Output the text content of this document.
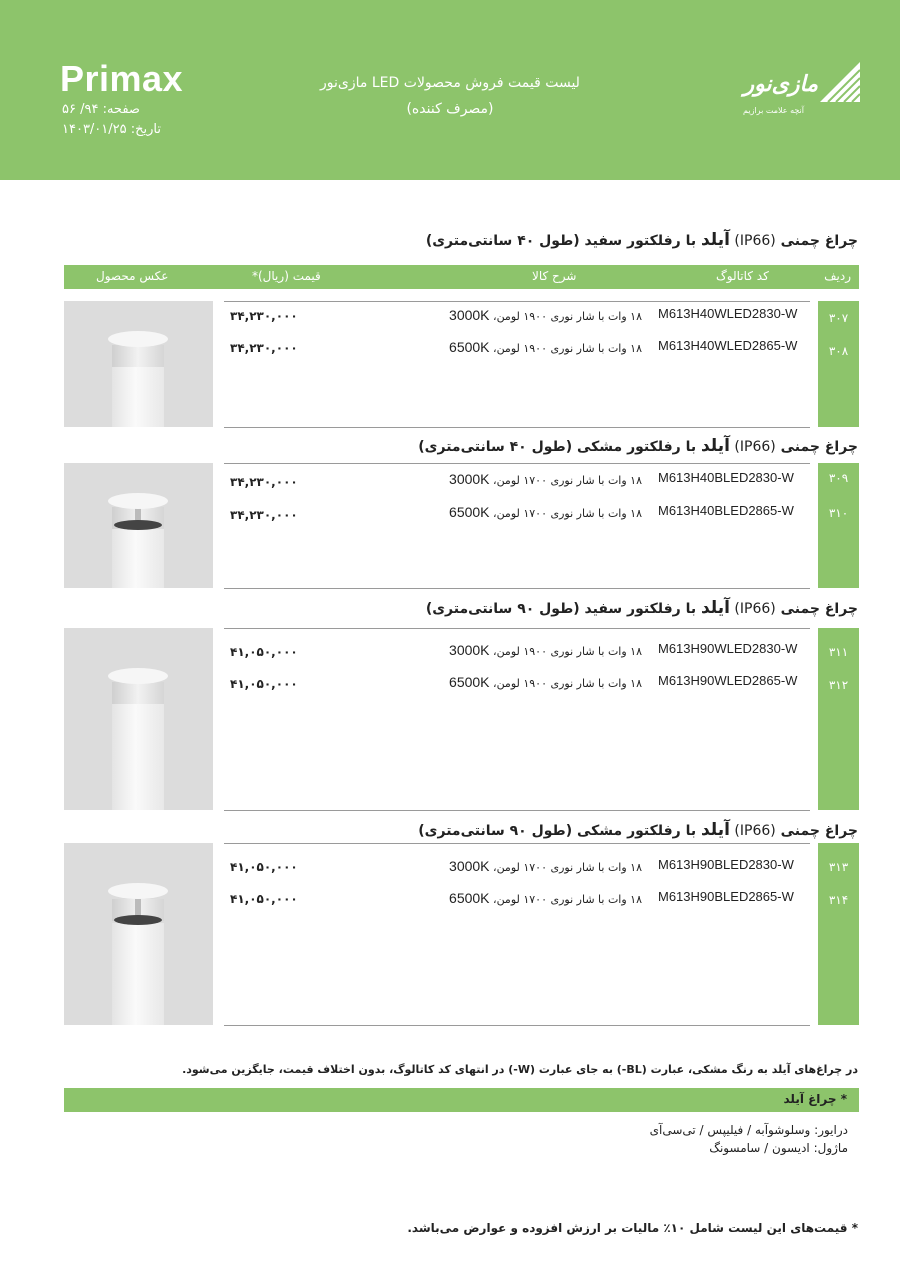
Primax
صفحه: ۹۴/ ۵۶
تاریخ: ۱۴۰۳/۰۱/۲۵
لیست قیمت فروش محصولات LED مازی‌نور
(مصرف کننده)
مازی‌نور
آنچه علامت برازیم
چراغ چمنی (IP66) آیلد با رفلکتور سفید (طول ۴۰ سانتی‌متری)
ردیف
کد کاتالوگ
شرح کالا
قیمت (ریال)*
عکس محصول
۳۰۷
۳۰۸
M613H40WLED2830-W
۱۸ وات با شار نوری ۱۹۰۰ لومن، 3000K
۳۴,۲۳۰,۰۰۰
M613H40WLED2865-W
۱۸ وات با شار نوری ۱۹۰۰ لومن، 6500K
۳۴,۲۳۰,۰۰۰
چراغ چمنی (IP66) آیلد با رفلکتور مشکی (طول ۴۰ سانتی‌متری)
۳۰۹
۳۱۰
M613H40BLED2830-W
۱۸ وات با شار نوری ۱۷۰۰ لومن، 3000K
۳۴,۲۳۰,۰۰۰
M613H40BLED2865-W
۱۸ وات با شار نوری ۱۷۰۰ لومن، 6500K
۳۴,۲۳۰,۰۰۰
چراغ چمنی (IP66) آیلد با رفلکتور سفید (طول ۹۰ سانتی‌متری)
۳۱۱
۳۱۲
M613H90WLED2830-W
۱۸ وات با شار نوری ۱۹۰۰ لومن، 3000K
۴۱,۰۵۰,۰۰۰
M613H90WLED2865-W
۱۸ وات با شار نوری ۱۹۰۰ لومن، 6500K
۴۱,۰۵۰,۰۰۰
چراغ چمنی (IP66) آیلد با رفلکتور مشکی (طول ۹۰ سانتی‌متری)
۳۱۳
۳۱۴
M613H90BLED2830-W
۱۸ وات با شار نوری ۱۷۰۰ لومن، 3000K
۴۱,۰۵۰,۰۰۰
M613H90BLED2865-W
۱۸ وات با شار نوری ۱۷۰۰ لومن، 6500K
۴۱,۰۵۰,۰۰۰
در چراغ‌های آیلد به رنگ مشکی، عبارت (BL-) به جای عبارت (W-) در انتهای کد کاتالوگ، بدون اختلاف قیمت، جایگزین می‌شود.
* چراغ آیلد
درایور: وسلوشوآبه / فیلیپس / تی‌سی‌آی
ماژول: ادیسون / سامسونگ
* قیمت‌های این لیست شامل ۱۰٪ مالیات بر ارزش افزوده و عوارض می‌باشد.
